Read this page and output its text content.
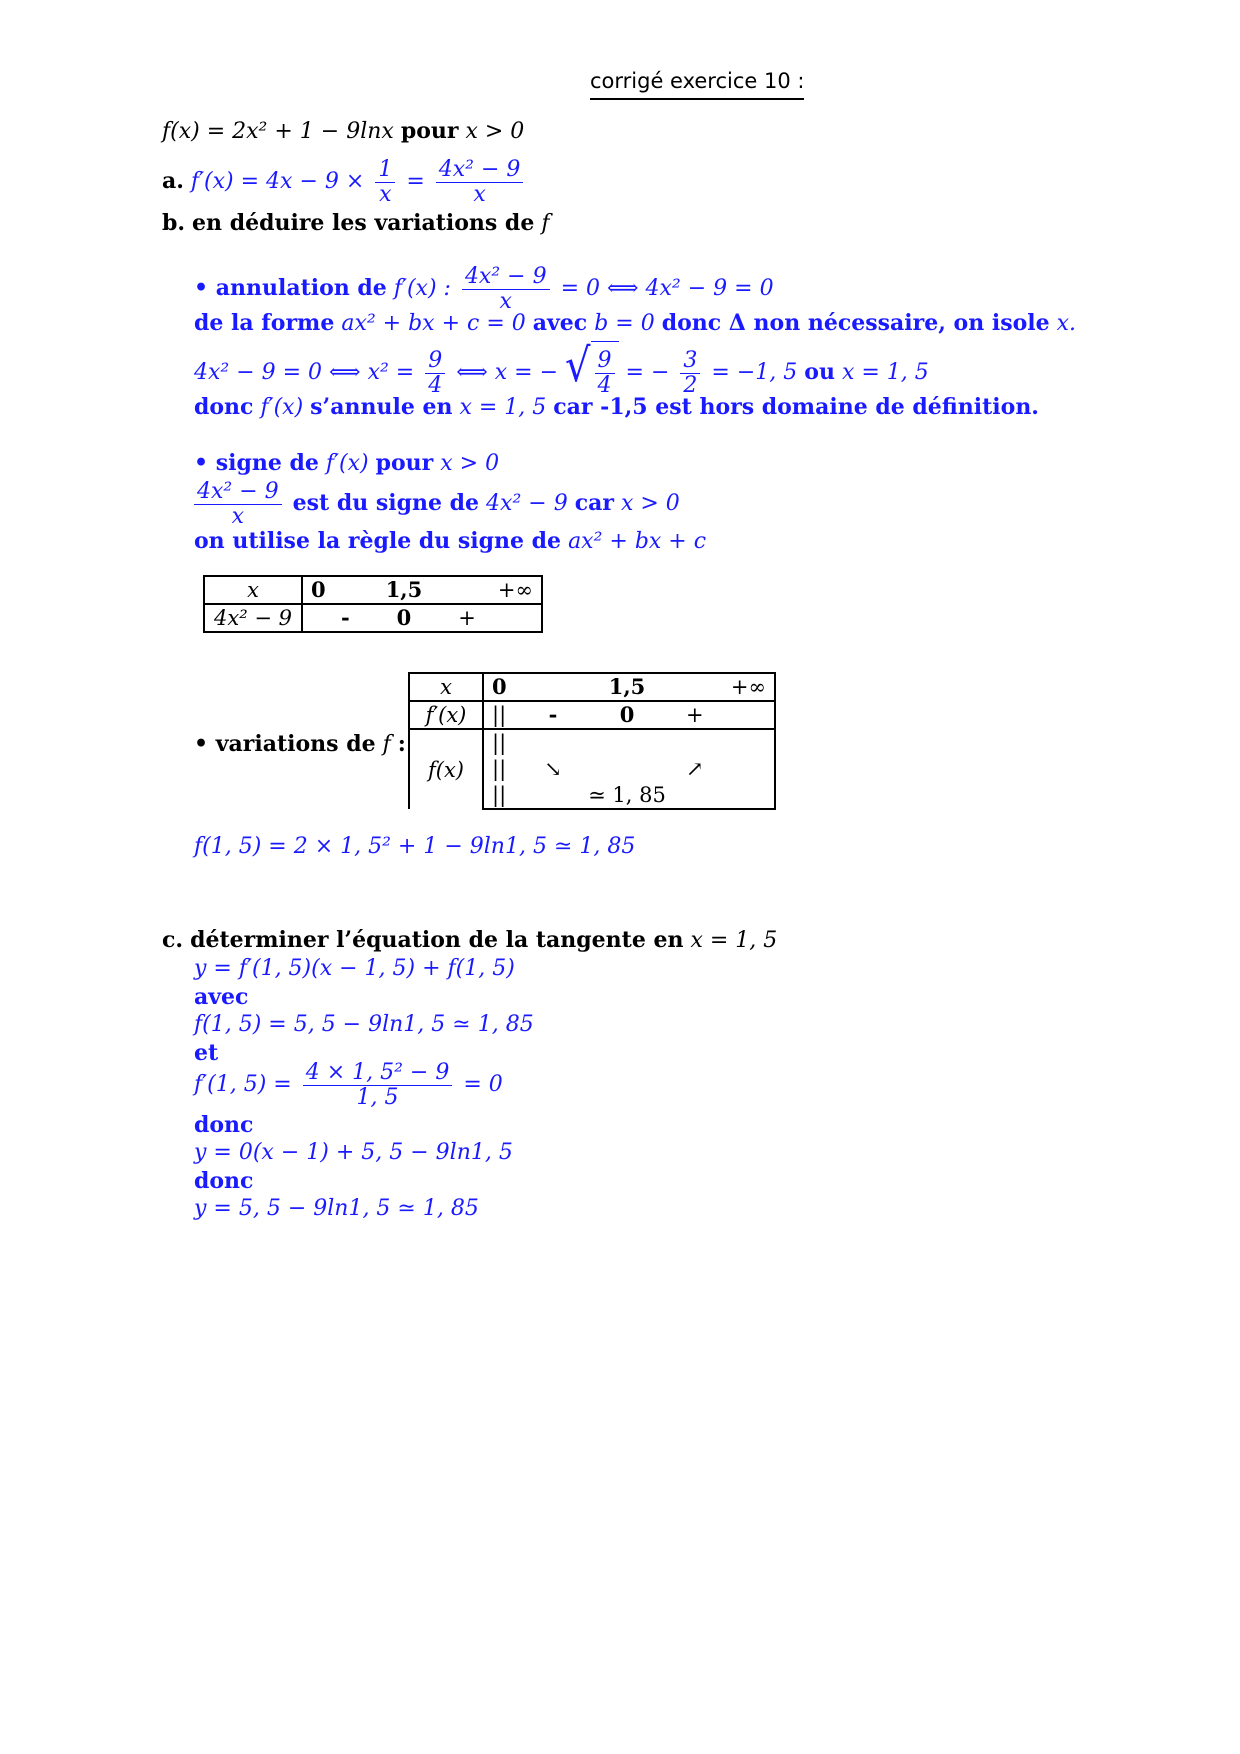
corrigé exercice 10 :
f(x) = 2x² + 1 − 9lnx pour x > 0
a. $f'(x) = 4x - 9 \times \frac{1}{x} = \frac{\text{4x² − 9}}{x}$
b. en déduire les variations de f
• annulation de f′(x) : $\frac{\text{4x² − 9}}{x} = 0$ ⟺ 4x² − 9 = 0
de la forme ax² + bx + c = 0 avec b = 0 donc Δ non nécessaire, on isole x.
4x² − 9 = 0 ⟺ $x^2 = \frac{9}{4}$ ⟺ x = − √ $\frac{9}{4}$ = − $\frac{3}{2} = -1$, 5 ou x = 1, 5
donc f′(x) s’annule en x = 1, 5 car -1,5 est hors domaine de définition.
• signe de f′(x) pour x > 0
$\frac{\text{4x² − 9}}{x}$ est du signe de 4x² − 9 car x > 0
on utilise la règle du signe de ax² + bx + c
x	0	1,5	+∞
4x² − 9	-	0	+
• variations de f :
x	0		1,5	+∞
f′(x)	||	-	0	+
f(x)	||			
	||	↘		↗
	||		≃ 1, 85	
f(1, 5) = 2 × 1, 5² + 1 − 9ln1, 5 ≃ 1, 85
c. déterminer l’équation de la tangente en x = 1, 5
y = f′(1, 5)(x − 1, 5) + f(1, 5)
avec
f(1, 5) = 5, 5 − 9ln1, 5 ≃ 1, 85
et
f′(1, $5) = \frac{\text{4 × 1, 5² − 9}}{1, 5} = 0$
donc
y = 0(x − 1) + 5, 5 − 9ln1, 5
donc
y = 5, 5 − 9ln1, 5 ≃ 1, 85
